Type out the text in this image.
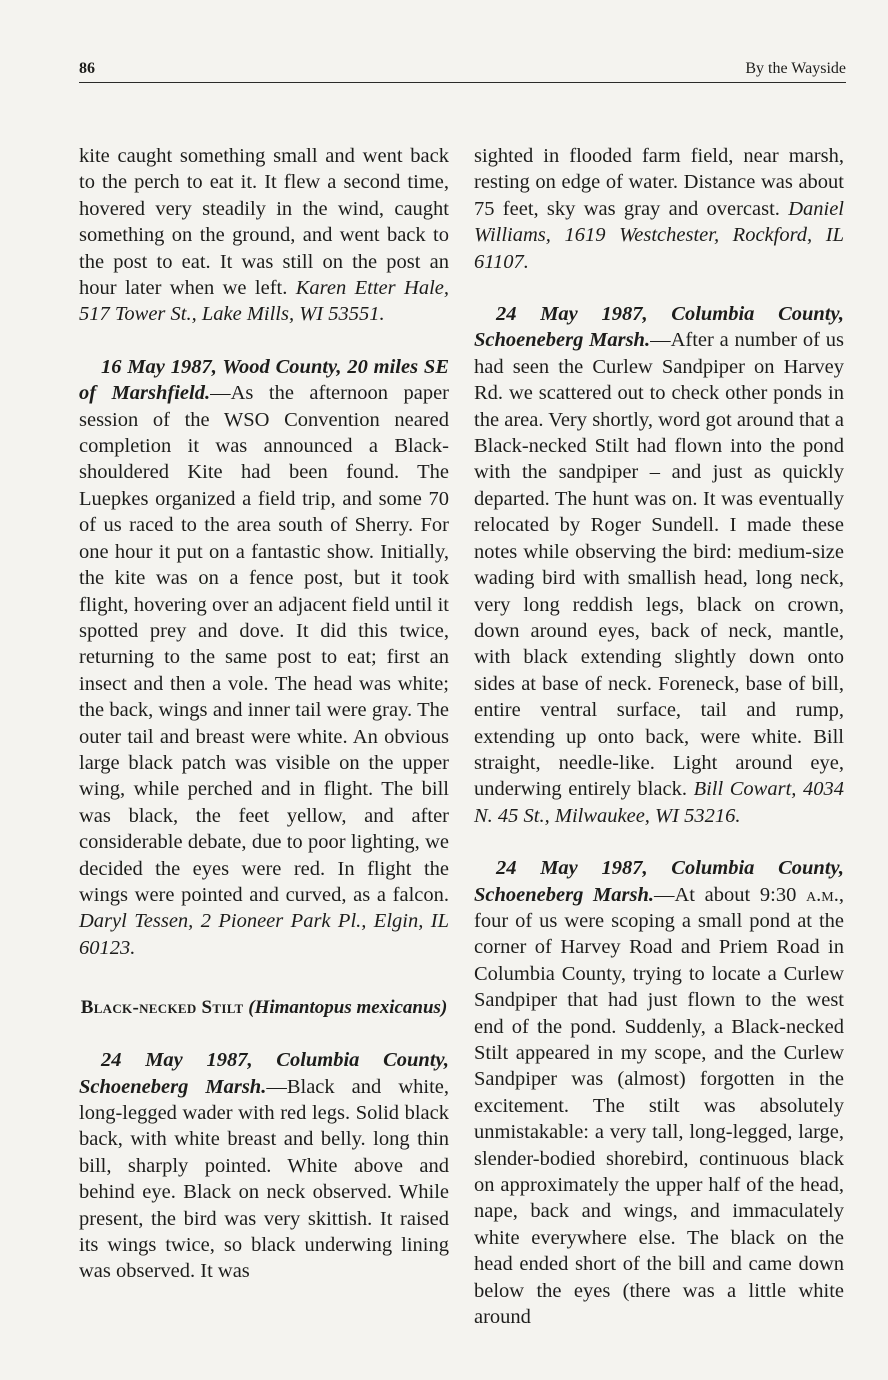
86	By the Wayside

kite caught something small and went back to the perch to eat it. It flew a second time, hovered very steadily in the wind, caught something on the ground, and went back to the post to eat. It was still on the post an hour later when we left. Karen Etter Hale, 517 Tower St., Lake Mills, WI 53551.

16 May 1987, Wood County, 20 miles SE of Marshfield.—As the afternoon paper session of the WSO Convention neared completion it was announced a Black-shouldered Kite had been found. The Luepkes organized a field trip, and some 70 of us raced to the area south of Sherry. For one hour it put on a fantastic show. Initially, the kite was on a fence post, but it took flight, hovering over an adjacent field until it spotted prey and dove. It did this twice, returning to the same post to eat; first an insect and then a vole. The head was white; the back, wings and inner tail were gray. The outer tail and breast were white. An obvious large black patch was visible on the upper wing, while perched and in flight. The bill was black, the feet yellow, and after considerable debate, due to poor lighting, we decided the eyes were red. In flight the wings were pointed and curved, as a falcon. Daryl Tessen, 2 Pioneer Park Pl., Elgin, IL 60123.

Black-necked Stilt (Himantopus mexicanus)

24 May 1987, Columbia County, Schoeneberg Marsh.—Black and white, long-legged wader with red legs. Solid black back, with white breast and belly. long thin bill, sharply pointed. White above and behind eye. Black on neck observed. While present, the bird was very skittish. It raised its wings twice, so black underwing lining was observed. It was

sighted in flooded farm field, near marsh, resting on edge of water. Distance was about 75 feet, sky was gray and overcast. Daniel Williams, 1619 Westchester, Rockford, IL 61107.

24 May 1987, Columbia County, Schoeneberg Marsh.—After a number of us had seen the Curlew Sandpiper on Harvey Rd. we scattered out to check other ponds in the area. Very shortly, word got around that a Black-necked Stilt had flown into the pond with the sandpiper – and just as quickly departed. The hunt was on. It was eventually relocated by Roger Sundell. I made these notes while observing the bird: medium-size wading bird with smallish head, long neck, very long reddish legs, black on crown, down around eyes, back of neck, mantle, with black extending slightly down onto sides at base of neck. Foreneck, base of bill, entire ventral surface, tail and rump, extending up onto back, were white. Bill straight, needle-like. Light around eye, underwing entirely black. Bill Cowart, 4034 N. 45 St., Milwaukee, WI 53216.

24 May 1987, Columbia County, Schoeneberg Marsh.—At about 9:30 a.m., four of us were scoping a small pond at the corner of Harvey Road and Priem Road in Columbia County, trying to locate a Curlew Sandpiper that had just flown to the west end of the pond. Suddenly, a Black-necked Stilt appeared in my scope, and the Curlew Sandpiper was (almost) forgotten in the excitement. The stilt was absolutely unmistakable: a very tall, long-legged, large, slender-bodied shorebird, continuous black on approximately the upper half of the head, nape, back and wings, and immaculately white everywhere else. The black on the head ended short of the bill and came down below the eyes (there was a little white around
